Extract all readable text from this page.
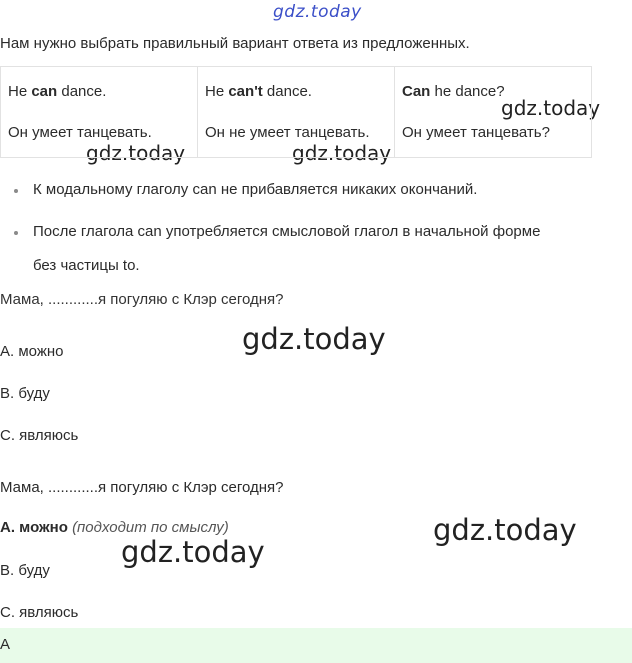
gdz.today
gdz.today
gdz.today	gdz.today
gdz.today
gdz.today
gdz.today
Нам нужно выбрать правильный вариант ответа из предложенных.
He can dance.
Он умеет танцевать.

He can't dance.
Он не умеет танцевать.

Can he dance?
Он умеет танцевать?
К модальному глаголу can не прибавляется никаких окончаний.
После глагола can употребляется смысловой глагол в начальной форме
без частицы to.
Мама, ............я погуляю с Клэр сегодня?
A. можно
B. буду
C. являюсь
Мама, ............я погуляю с Клэр сегодня?
A. можно (подходит по смыслу)
B. буду
C. являюсь
A
